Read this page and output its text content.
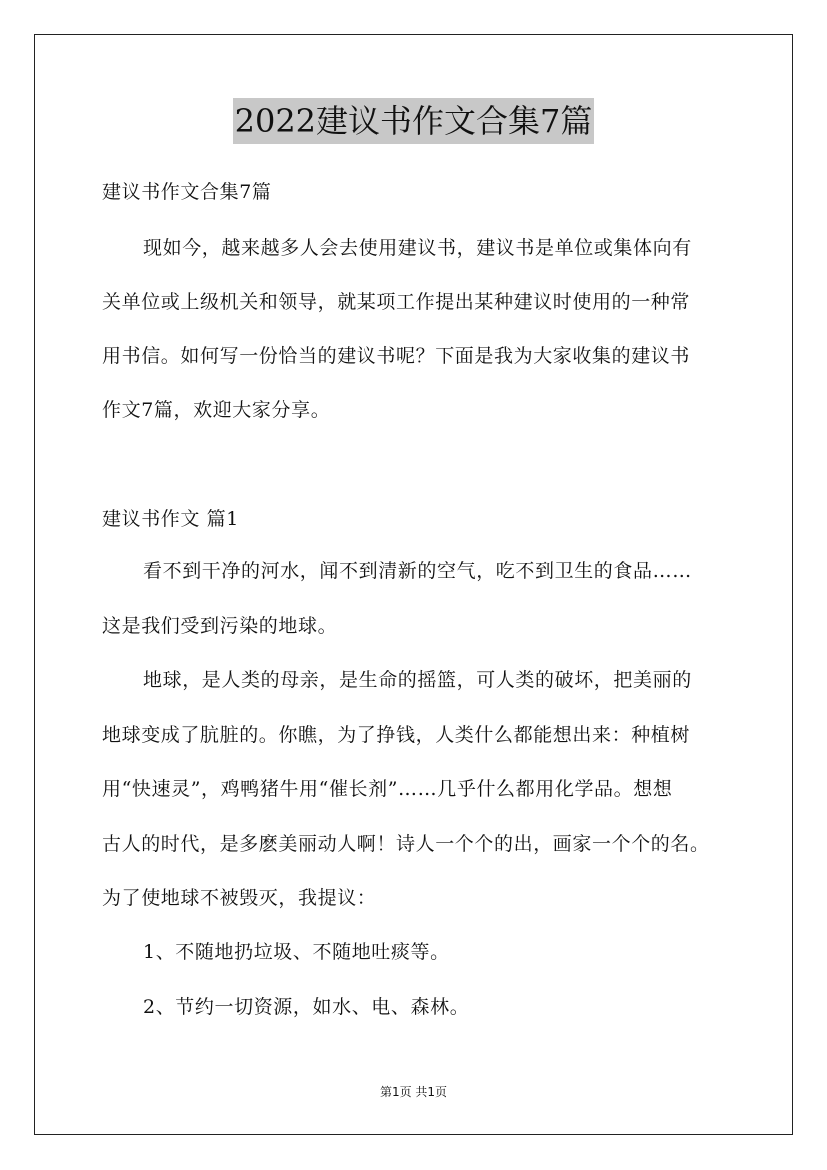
2022建议书作文合集7篇
建议书作文合集7篇
现如今，越来越多人会去使用建议书，建议书是单位或集体向有
关单位或上级机关和领导，就某项工作提出某种建议时使用的一种常
用书信。如何写一份恰当的建议书呢？下面是我为大家收集的建议书
作文7篇，欢迎大家分享。
建议书作文 篇1
看不到干净的河水，闻不到清新的空气，吃不到卫生的食品……
这是我们受到污染的地球。
地球，是人类的母亲，是生命的摇篮，可人类的破坏，把美丽的
地球变成了肮脏的。你瞧，为了挣钱，人类什么都能想出来：种植树
用“快速灵”，鸡鸭猪牛用“催长剂”……几乎什么都用化学品。想想
古人的时代，是多麽美丽动人啊！诗人一个个的出，画家一个个的名。
为了使地球不被毁灭，我提议：
1、不随地扔垃圾、不随地吐痰等。
2、节约一切资源，如水、电、森林。
第1页 共1页
